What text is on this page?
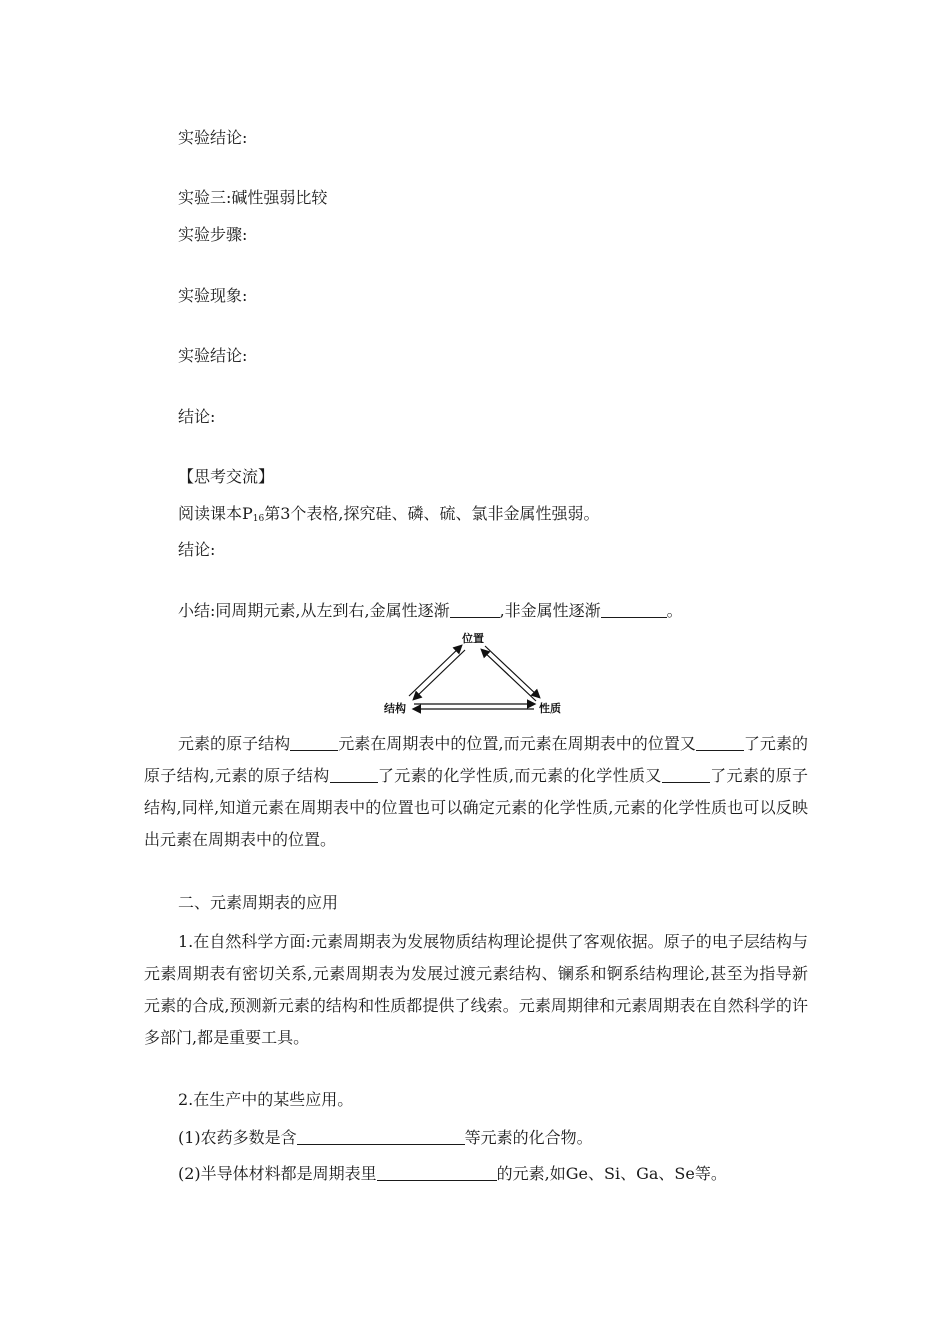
实验结论:
实验三:碱性强弱比较
实验步骤:
实验现象:
实验结论:
结论:
【思考交流】
阅读课本$P_{16}$第3个表格,探究硅、磷、硫、氯非金属性强弱。
结论:
小结:同周期元素,从左到右,金属性逐渐	,非金属性逐渐	。
位置
结构	性质
元素的原子结构	元素在周期表中的位置,而元素在周期表中的位置又	了元素的原子结构,元素的原子结构	了元素的化学性质,而元素的化学性质又	了元素的原子结构,同样,知道元素在周期表中的位置也可以确定元素的化学性质,元素的化学性质也可以反映出元素在周期表中的位置。
二、元素周期表的应用
1.在自然科学方面:元素周期表为发展物质结构理论提供了客观依据。原子的电子层结构与元素周期表有密切关系,元素周期表为发展过渡元素结构、镧系和锕系结构理论,甚至为指导新元素的合成,预测新元素的结构和性质都提供了线索。元素周期律和元素周期表在自然科学的许多部门,都是重要工具。
2.在生产中的某些应用。
(1)农药多数是含	等元素的化合物。
(2)半导体材料都是周期表里	的元素,如Ge、Si、Ga、Se等。
